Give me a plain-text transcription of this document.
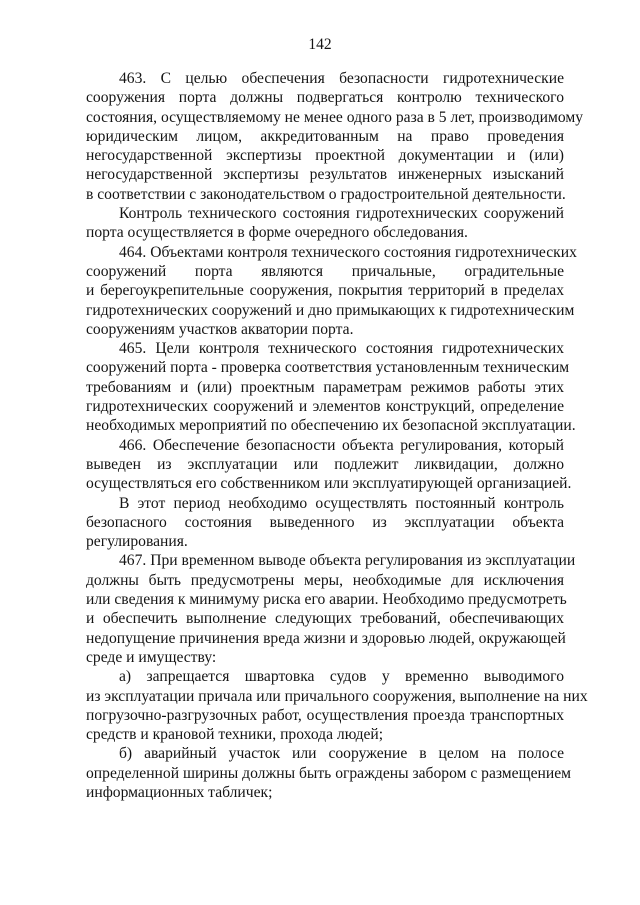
142
463. С целью обеспечения безопасности гидротехнические
сооружения порта должны подвергаться контролю технического
состояния, осуществляемому не менее одного раза в 5 лет, производимому
юридическим лицом, аккредитованным на право проведения
негосударственной экспертизы проектной документации и (или)
негосударственной экспертизы результатов инженерных изысканий
в соответствии с законодательством о градостроительной деятельности.
Контроль технического состояния гидротехнических сооружений
порта осуществляется в форме очередного обследования.
464. Объектами контроля технического состояния гидротехнических
сооружений порта являются причальные, оградительные
и берегоукрепительные сооружения, покрытия территорий в пределах
гидротехнических сооружений и дно примыкающих к гидротехническим
сооружениям участков акватории порта.
465. Цели контроля технического состояния гидротехнических
сооружений порта - проверка соответствия установленным техническим
требованиям и (или) проектным параметрам режимов работы этих
гидротехнических сооружений и элементов конструкций, определение
необходимых мероприятий по обеспечению их безопасной эксплуатации.
466. Обеспечение безопасности объекта регулирования, который
выведен из эксплуатации или подлежит ликвидации, должно
осуществляться его собственником или эксплуатирующей организацией.
В этот период необходимо осуществлять постоянный контроль
безопасного состояния выведенного из эксплуатации объекта
регулирования.
467. При временном выводе объекта регулирования из эксплуатации
должны быть предусмотрены меры, необходимые для исключения
или сведения к минимуму риска его аварии. Необходимо предусмотреть
и обеспечить выполнение следующих требований, обеспечивающих
недопущение причинения вреда жизни и здоровью людей, окружающей
среде и имуществу:
а) запрещается швартовка судов у временно выводимого
из эксплуатации причала или причального сооружения, выполнение на них
погрузочно-разгрузочных работ, осуществления проезда транспортных
средств и крановой техники, прохода людей;
б) аварийный участок или сооружение в целом на полосе
определенной ширины должны быть ограждены забором с размещением
информационных табличек;
